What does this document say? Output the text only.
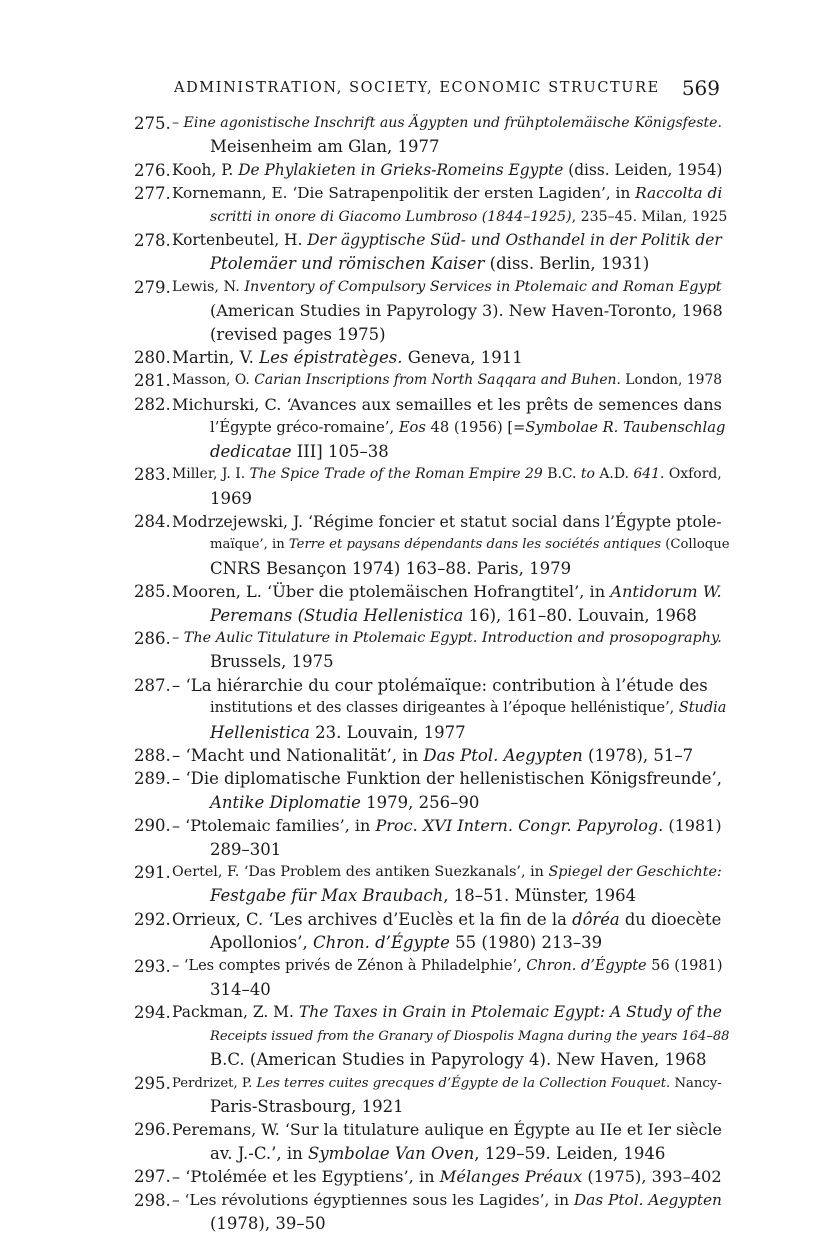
ADMINISTRATION, SOCIETY, ECONOMIC STRUCTURE 569
275. – Eine agonistische Inschrift aus Ägypten und frühptolemäische Königsfeste.
Meisenheim am Glan, 1977
276. Kooh, P. De Phylakieten in Grieks-Romeins Egypte (diss. Leiden, 1954)
277. Kornemann, E. ‘Die Satrapenpolitik der ersten Lagiden’, in Raccolta di
scritti in onore di Giacomo Lumbroso (1844–1925), 235–45. Milan, 1925
278. Kortenbeutel, H. Der ägyptische Süd- und Osthandel in der Politik der
Ptolemäer und römischen Kaiser (diss. Berlin, 1931)
279. Lewis, N. Inventory of Compulsory Services in Ptolemaic and Roman Egypt
(American Studies in Papyrology 3). New Haven-Toronto, 1968
(revised pages 1975)
280. Martin, V. Les épistratèges. Geneva, 1911
281. Masson, O. Carian Inscriptions from North Saqqara and Buhen. London, 1978
282. Michurski, C. ‘Avances aux semailles et les prêts de semences dans
l’Égypte gréco-romaine’, Eos 48 (1956) [=Symbolae R. Taubenschlag
dedicatae III] 105–38
283. Miller, J. I. The Spice Trade of the Roman Empire 29 B.C. to A.D. 641. Oxford,
1969
284. Modrzejewski, J. ‘Régime foncier et statut social dans l’Égypte ptole-
maïque’, in Terre et paysans dépendants dans les sociétés antiques (Colloque
CNRS Besançon 1974) 163–88. Paris, 1979
285. Mooren, L. ‘Über die ptolemäischen Hofrangtitel’, in Antidorum W.
Peremans (Studia Hellenistica 16), 161–80. Louvain, 1968
286. – The Aulic Titulature in Ptolemaic Egypt. Introduction and prosopography.
Brussels, 1975
287. – ‘La hiérarchie du cour ptolémaïque: contribution à l’étude des
institutions et des classes dirigeantes à l’époque hellénistique’, Studia
Hellenistica 23. Louvain, 1977
288. – ‘Macht und Nationalität’, in Das Ptol. Aegypten (1978), 51–7
289. – ‘Die diplomatische Funktion der hellenistischen Königsfreunde’,
Antike Diplomatie 1979, 256–90
290. – ‘Ptolemaic families’, in Proc. XVI Intern. Congr. Papyrolog. (1981)
289–301
291. Oertel, F. ‘Das Problem des antiken Suezkanals’, in Spiegel der Geschichte:
Festgabe für Max Braubach, 18–51. Münster, 1964
292. Orrieux, C. ‘Les archives d’Euclès et la fin de la dôréa du dioecète
Apollonios’, Chron. d’Égypte 55 (1980) 213–39
293. – ‘Les comptes privés de Zénon à Philadelphie’, Chron. d’Égypte 56 (1981)
314–40
294. Packman, Z. M. The Taxes in Grain in Ptolemaic Egypt: A Study of the
Receipts issued from the Granary of Diospolis Magna during the years 164–88
B.C. (American Studies in Papyrology 4). New Haven, 1968
295. Perdrizet, P. Les terres cuites grecques d’Égypte de la Collection Fouquet. Nancy-
Paris-Strasbourg, 1921
296. Peremans, W. ‘Sur la titulature aulique en Égypte au IIe et Ier siècle
av. J.-C.’, in Symbolae Van Oven, 129–59. Leiden, 1946
297. – ‘Ptolémée et les Egyptiens’, in Mélanges Préaux (1975), 393–402
298. – ‘Les révolutions égyptiennes sous les Lagides’, in Das Ptol. Aegypten
(1978), 39–50
